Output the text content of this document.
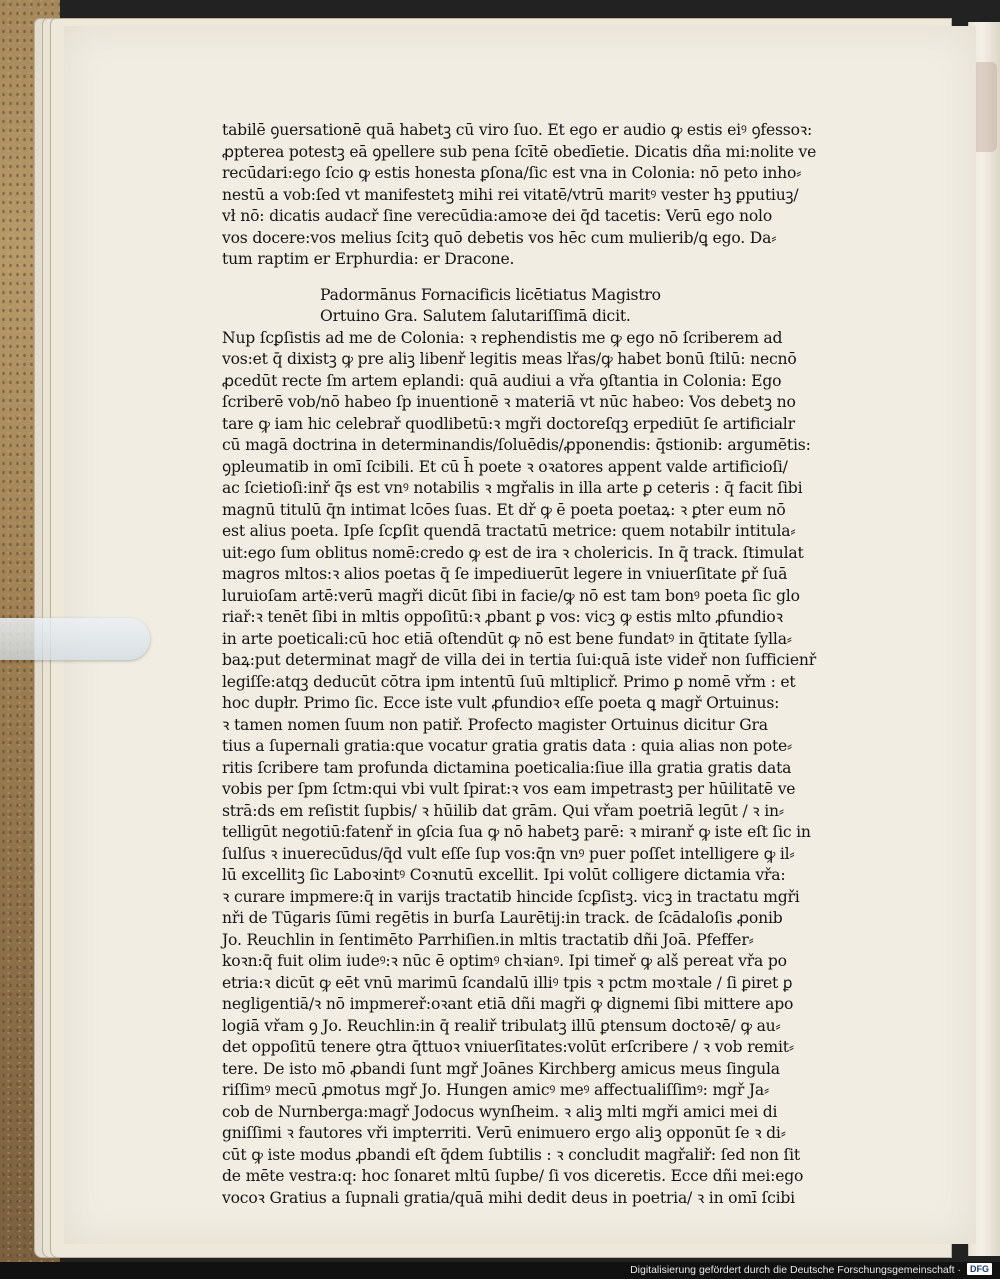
tabilē ꝯuersationē quā habetꝫ cū viro ſuo. Et ego er audio ꝙ estis eiꝰ ꝯfessoꝛ:
ꝓpterea potestꝫ eā ꝯpellere sub pena ſcītē obedīetie. Dicatis dña mi:nolite ve
recūdari:ego ſcio ꝙ estis honesta ꝑſona/ſic est vna in Colonia: nō peto inho⸗
nestū a vob:ſed vt manifestetꝫ mihi rei vitatē/vtrū maritꝰ vester hꝫ ꝑputiuꝫ/
vł nō: dicatis audacř ſine verecūdia:amoꝛe dei q̄d tacetis: Verū ego nolo
vos docere:vos melius ſcitꝫ quō debetis vos hēc cum mulierib/ꝗ ego. Da⸗
tum raptim er Erphurdia: er Dracone.
Padormānus Fornacificis licētiatus Magistro
Ortuino Gra. Salutem ſalutariſſimā dicit.
Nup ſcꝑſistis ad me de Colonia: ꝛ reꝑhendistis me ꝙ ego nō ſcriberem ad
vos:et q̄ dixistꝫ ꝙ pre aliꝫ libenř legitis meas lřas/ꝙ habet bonū ſtilū: necnō
ꝓcedūt recte ſm artem eplandi: quā audiui a vřa ꝯſtantia in Colonia: Ego
ſcriberē vob/nō habeo ſp inuentionē ꝛ materiā vt nūc habeo: Vos debetꝫ no
tare ꝙ iam hic celebrař quodlibetū:ꝛ mgři doctoreſqꝫ erpediūt ſe artificialr
cū magā doctrina in determinandis/ſoluēdis/ꝓponendis: q̄stionib: argumētis:
ꝯpleumatib in omī ſcibili. Et cū h̄ poete ꝛ oꝛatores appent valde artificioſi/
ac ſcietioſi:inř q̄s est vnꝰ notabilis ꝛ mgřalis in illa arte ꝑ ceteris : q̄ facit ſibi
magnū titulū q̄n intimat lcōes ſuas. Et dř ꝙ ē poeta poetaꝝ: ꝛ ꝑter eum nō
est alius poeta. Ipſe ſcꝑſit quendā tractatū metrice: quem notabilr intitula⸗
uit:ego ſum oblitus nomē:credo ꝙ est de ira ꝛ cholericis. In q̄ track. ſtimulat
magros mltos:ꝛ alios poetas q̄ ſe impediuerūt legere in vniuerſitate ꝑř ſuā
luruioſam artē:verū magři dicūt ſibi in facie/ꝙ nō est tam bonꝰ poeta ſic glo
riař:ꝛ tenēt ſibi in mltis oppoſitū:ꝛ ꝓbant ꝑ vos: vicꝫ ꝙ estis mlto ꝓfundioꝛ
in arte poeticali:cū hoc etiā oſtendūt ꝙ nō est bene fundatꝰ in q̄titate ſylla⸗
baꝝ:put determinat magř de villa dei in tertia ſui:quā iste videř non ſufficienř
legiſſe:atqꝫ deducūt cōtra ipm intentū ſuū mltiplicř. Primo ꝑ nomē vřm : et
hoc dupłr. Primo ſic. Ecce iste vult ꝓfundioꝛ eſſe poeta ꝗ magř Ortuinus:
ꝛ tamen nomen ſuum non patiř. Profecto magister Ortuinus dicitur Gra
tius a ſupernali gratia:que vocatur gratia gratis data : quia alias non pote⸗
ritis ſcribere tam profunda dictamina poeticalia:ſiue illa gratia gratis data
vobis per ſpm ſctm:qui vbi vult ſpirat:ꝛ vos eam impetrastꝫ per hūilitatē ve
strā:ds em reſistit ſupbis/ ꝛ hūilib dat grām. Qui vřam poetriā legūt / ꝛ in⸗
telligūt negotiū:fatenř in ꝯſcia ſua ꝙ nō habetꝫ parē: ꝛ miranř ꝙ iste eſt ſic in
ſulſus ꝛ inuerecūdus/q̄d vult eſſe ſup vos:q̄n vnꝰ puer poſſet intelligere ꝙ il⸗
lū excellitꝫ ſic Laboꝛintꝰ Coꝛnutū excellit. Ipi volūt colligere dictamia vřa:
ꝛ curare impmere:q̄ in varijs tractatib hincide ſcꝑſistꝫ. vicꝫ in tractatu mgři
nři de Tūgaris ſūmi regētis in burſa Laurētij:in track. de ſcādaloſis ꝓonib
Jo. Reuchlin in ſentimēto Parrhiſien.in mltis tractatib dñi Joā. Pfeffer⸗
koꝛn:q̄ fuit olim iudeꝰ:ꝛ nūc ē optimꝰ chꝛianꝰ. Ipi timeř ꝙ alš pereat vřa po
etria:ꝛ dicūt ꝙ eēt vnū marimū ſcandalū illiꝰ tpis ꝛ pctm moꝛtale / ſi ꝑiret ꝑ
negligentiā/ꝛ nō impmereř:oꝛant etiā dñi magři ꝙ dignemi ſibi mittere apo
logiā vřam ꝯ Jo. Reuchlin:in q̄ realiř tribulatꝫ illū ꝑtensum doctoꝛē/ ꝙ au⸗
det oppoſitū tenere ꝯtra q̄ttuoꝛ vniuerſitates:volūt erſcribere / ꝛ vob remit⸗
tere. De isto mō ꝓbandi ſunt mgř Joānes Kirchberg amicus meus ſingula
riſſimꝰ mecū ꝓmotus mgř Jo. Hungen amicꝰ meꝰ affectualiſſimꝰ: mgř Ja⸗
cob de Nurnberga:magř Jodocus wynſheim. ꝛ aliꝫ mlti mgři amici mei di
gniſſimi ꝛ fautores vři impterriti. Verū enimuero ergo aliꝫ opponūt ſe ꝛ di⸗
cūt ꝙ iste modus ꝓbandi eſt q̄dem ſubtilis : ꝛ concludit magřaliř: ſed non ſit
de mēte vestra:q: hoc ſonaret mltū ſupbe/ ſi vos diceretis. Ecce dñi mei:ego
vocoꝛ Gratius a ſupnali gratia/quā mihi dedit deus in poetria/ ꝛ in omī ſcibi
Digitalisierung gefördert durch die Deutsche Forschungsgemeinschaft · DFG
